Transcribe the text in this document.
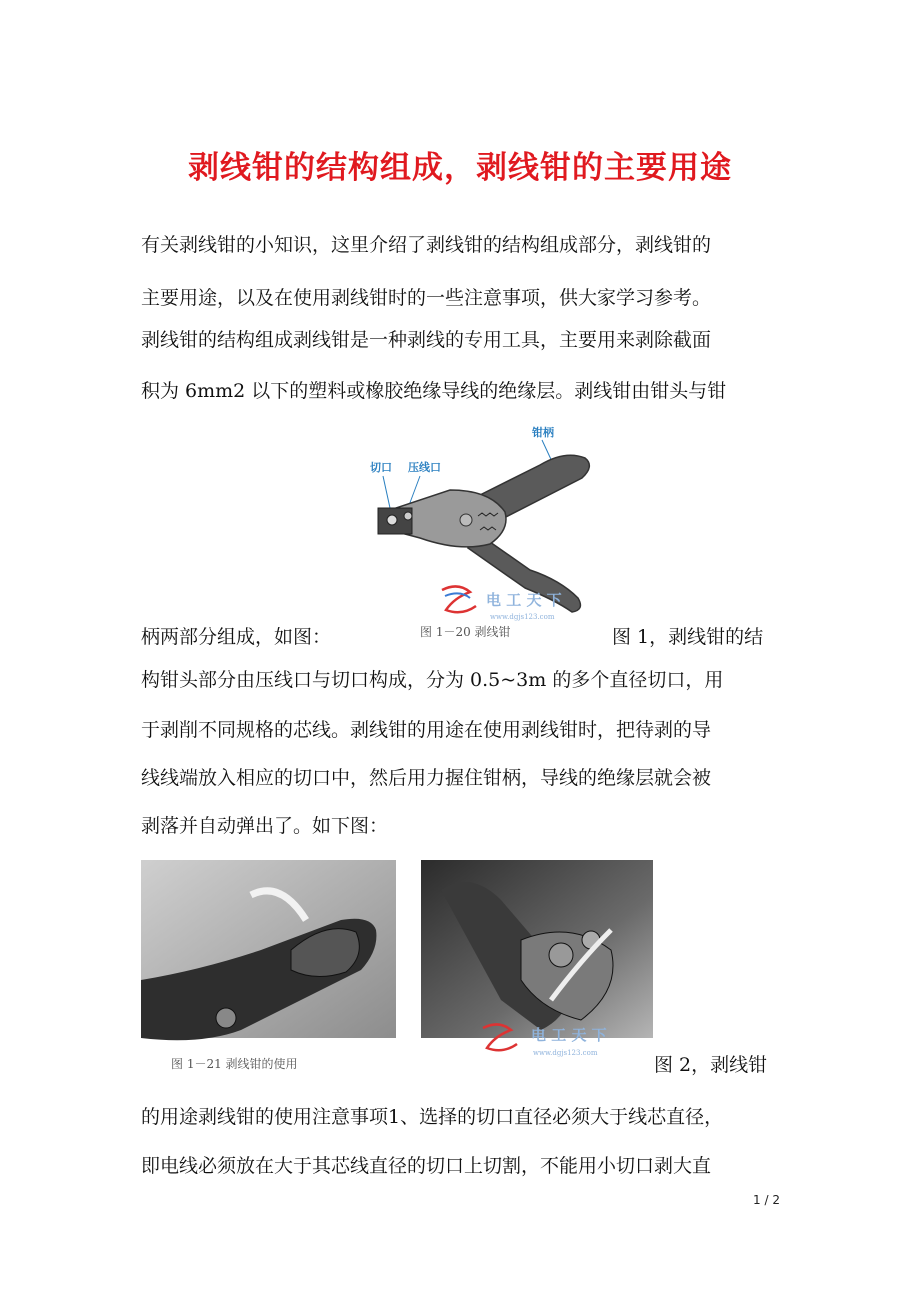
剥线钳的结构组成，剥线钳的主要用途
有关剥线钳的小知识，这里介绍了剥线钳的结构组成部分，剥线钳的
主要用途，以及在使用剥线钳时的一些注意事项，供大家学习参考。
剥线钳的结构组成剥线钳是一种剥线的专用工具，主要用来剥除截面
积为 6mm2 以下的塑料或橡胶绝缘导线的绝缘层。剥线钳由钳头与钳
钳柄
切口 压线口
电 工 天 下
www.dgjs123.com
图 1－20 剥线钳
柄两部分组成，如图：	图 1，剥线钳的结
构钳头部分由压线口与切口构成，分为 0.5~3m 的多个直径切口，用
于剥削不同规格的芯线。剥线钳的用途在使用剥线钳时，把待剥的导
线线端放入相应的切口中，然后用力握住钳柄，导线的绝缘层就会被
剥落并自动弹出了。如下图：
电 工 天 下
www.dgjs123.com
图 1－21 剥线钳的使用	图 2，剥线钳
的用途剥线钳的使用注意事项1、选择的切口直径必须大于线芯直径，
即电线必须放在大于其芯线直径的切口上切割，不能用小切口剥大直
1 / 2
